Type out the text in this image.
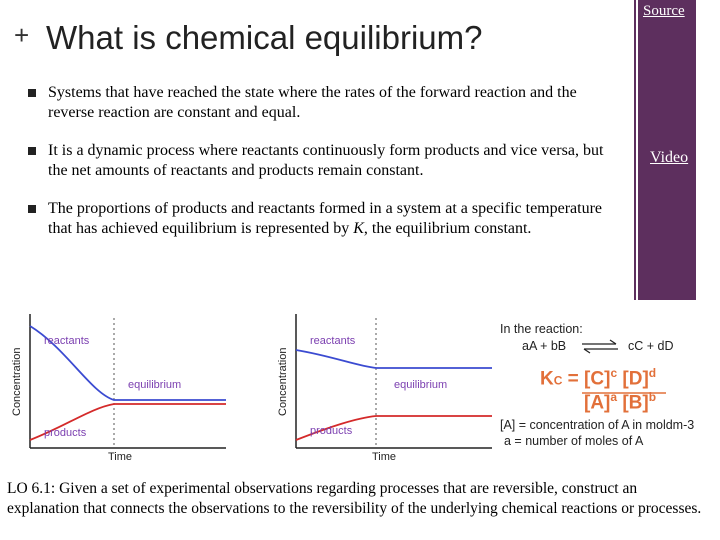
Source
Video
+ What is chemical equilibrium?
Systems that have reached the state where the rates of the forward reaction and the reverse reaction are constant and equal.
It is a dynamic process where reactants continuously form products and vice versa, but the net amounts of reactants and products remain constant.
The proportions of products and reactants formed in a system at a specific temperature that has achieved equilibrium is represented by K, the equilibrium constant.
Concentration
Time
reactants
equilibrium
products
Concentration
Time
reactants
equilibrium
products
In the reaction:
aA + bB ⇌ cC + dD
KC = $[C]^c$ $[D]^d$
$[A]^a$ $[B]^b$
[A] = concentration of A in moldm-3
a = number of moles of A
LO 6.1: Given a set of experimental observations regarding processes that are reversible, construct an explanation that connects the observations to the reversibility of the underlying chemical reactions or processes.
